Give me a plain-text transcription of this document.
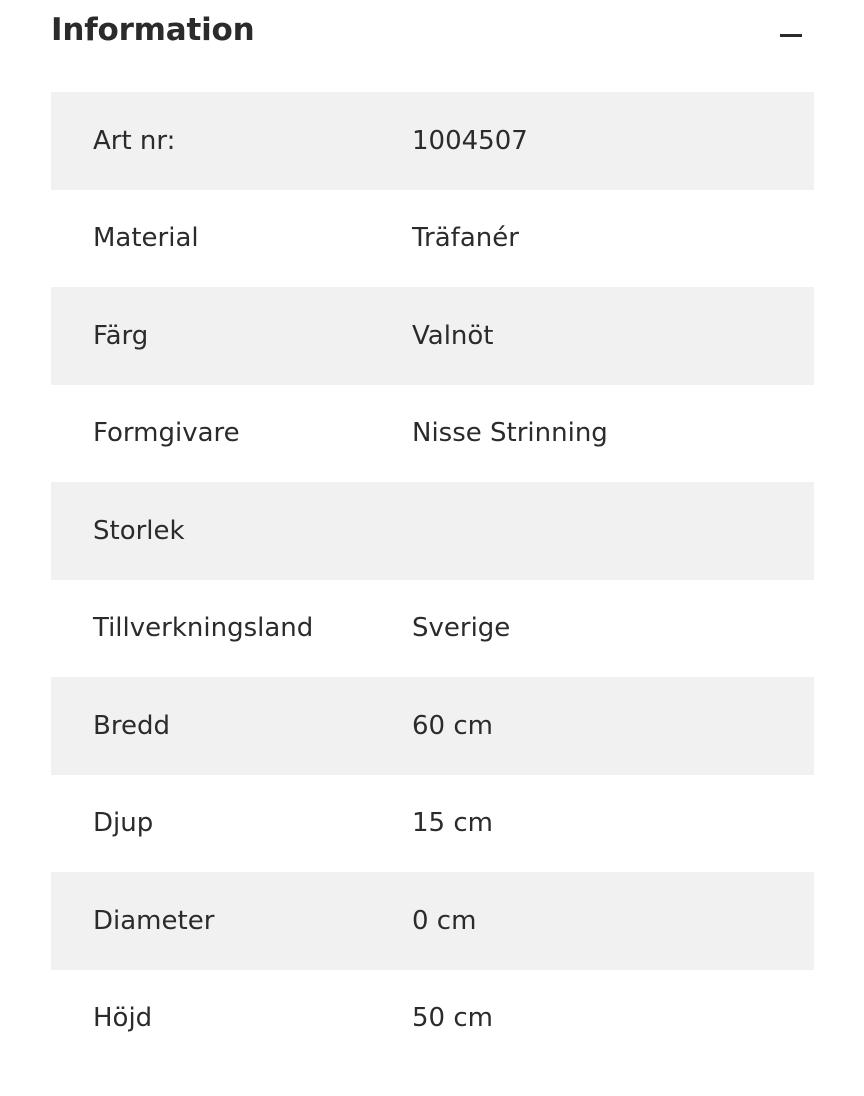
Information
Art nr:	1004507
Material	Träfanér
Färg	Valnöt
Formgivare	Nisse Strinning
Storlek
Tillverkningsland	Sverige
Bredd	60 cm
Djup	15 cm
Diameter	0 cm
Höjd	50 cm
